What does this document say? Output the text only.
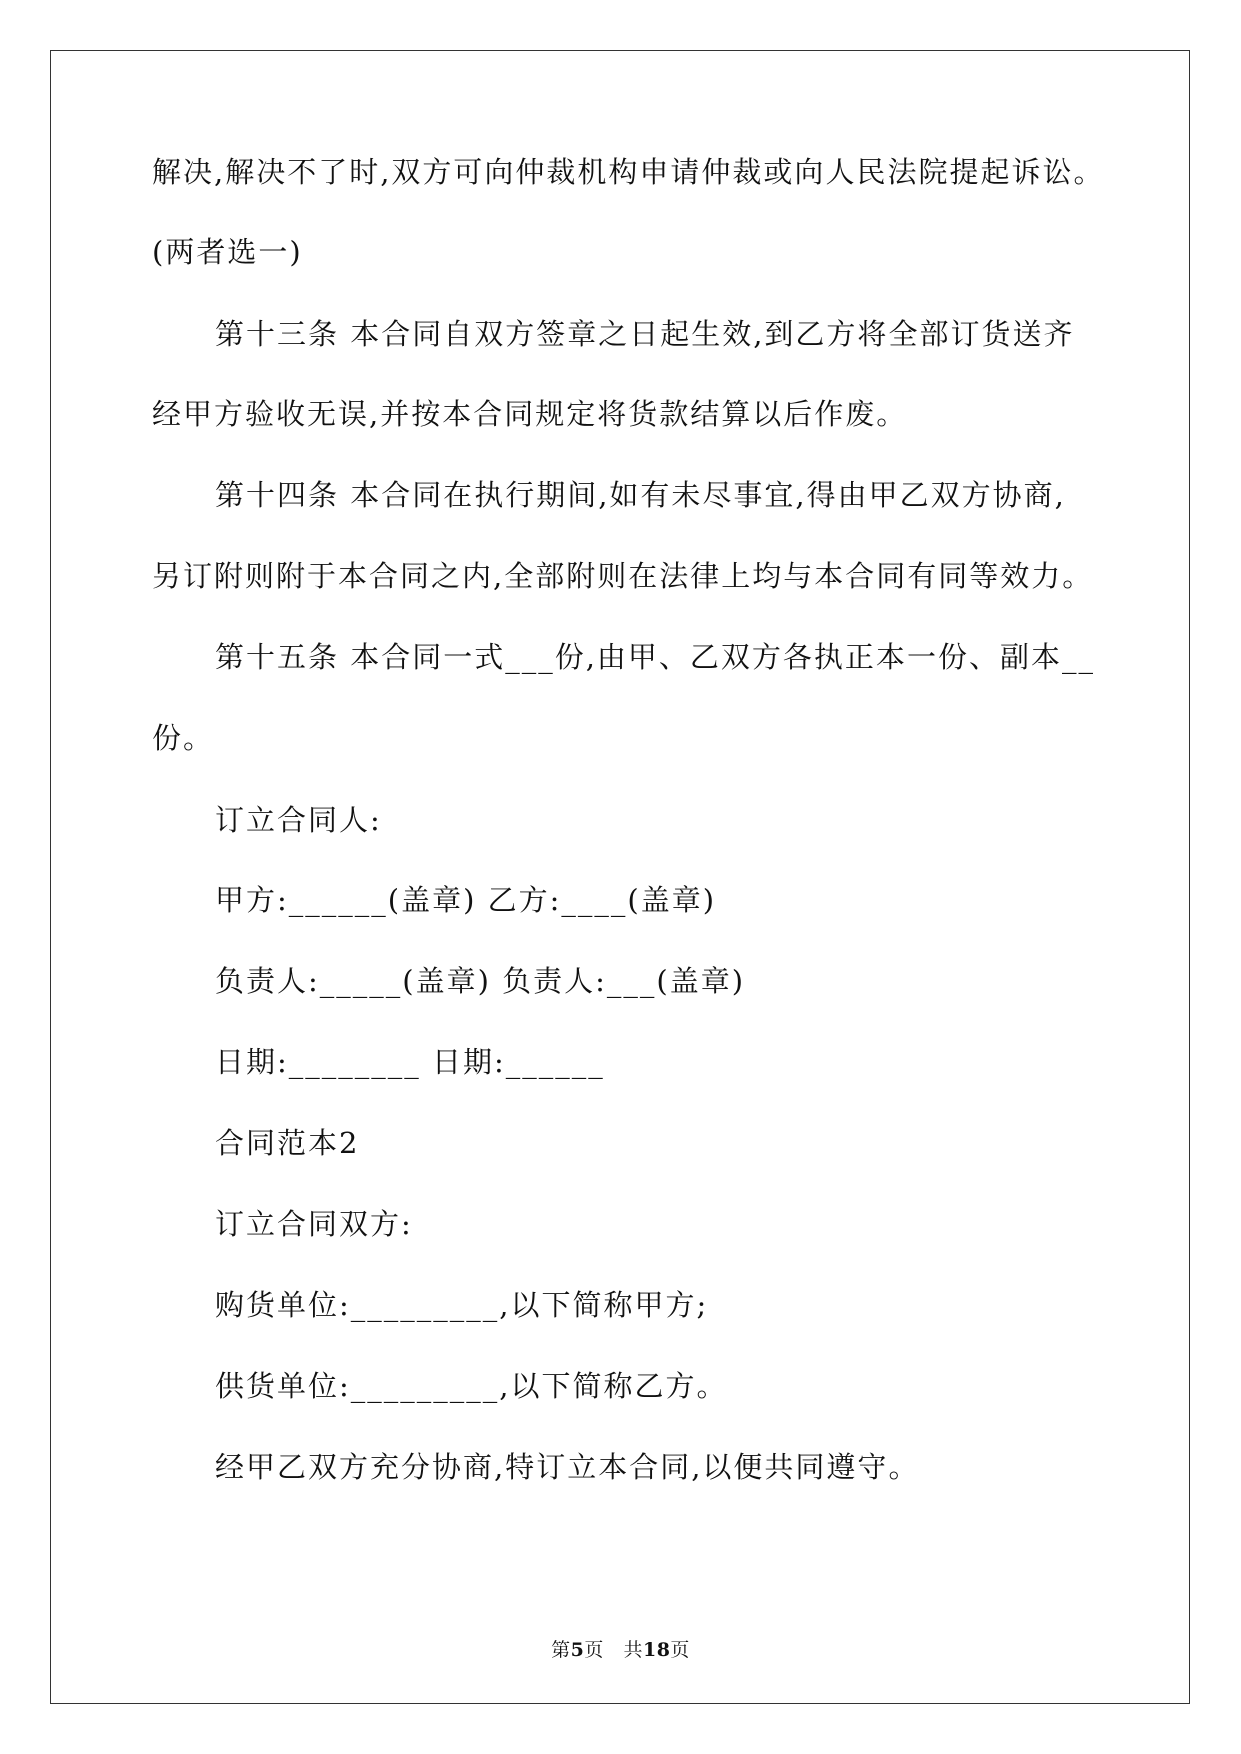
解决,解决不了时,双方可向仲裁机构申请仲裁或向人民法院提起诉讼。
(两者选一)
第十三条 本合同自双方签章之日起生效,到乙方将全部订货送齐
经甲方验收无误,并按本合同规定将货款结算以后作废。
第十四条 本合同在执行期间,如有未尽事宜,得由甲乙双方协商,
另订附则附于本合同之内,全部附则在法律上均与本合同有同等效力。
第十五条 本合同一式___份,由甲、乙双方各执正本一份、副本__
份。
订立合同人:
甲方:______(盖章) 乙方:____(盖章)
负责人:_____(盖章) 负责人:___(盖章)
日期:________ 日期:______
合同范本2
订立合同双方:
购货单位:_________,以下简称甲方;
供货单位:_________,以下简称乙方。
经甲乙双方充分协商,特订立本合同,以便共同遵守。
第5页 共18页
